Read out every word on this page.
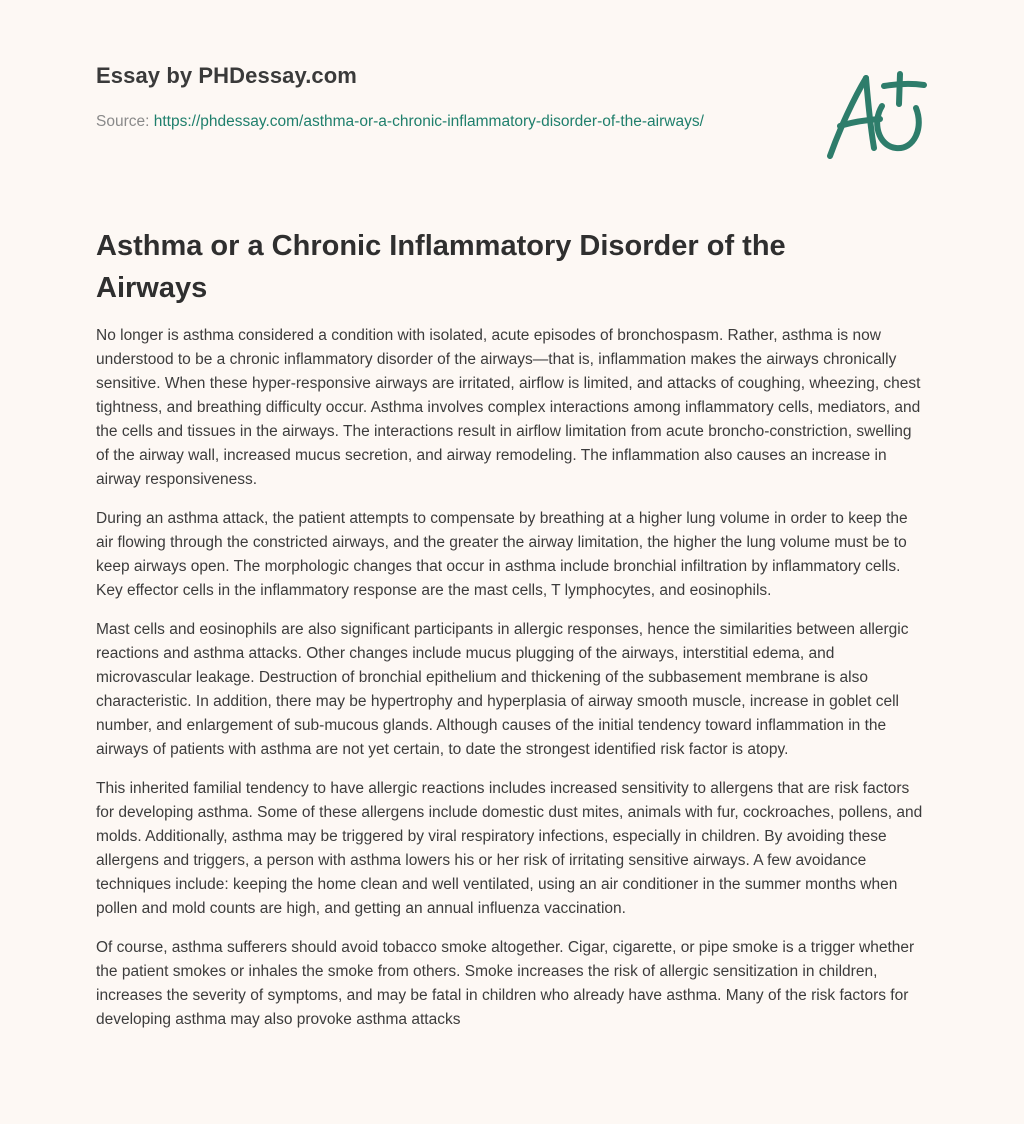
Essay by PHDessay.com
Source: https://phdessay.com/asthma-or-a-chronic-inflammatory-disorder-of-the-airways/
Asthma or a Chronic Inflammatory Disorder of the Airways

No longer is asthma considered a condition with isolated, acute episodes of bronchospasm. Rather, asthma is now understood to be a chronic inflammatory disorder of the airways—that is, inflammation makes the airways chronically sensitive. When these hyper-responsive airways are irritated, airflow is limited, and attacks of coughing, wheezing, chest tightness, and breathing difficulty occur. Asthma involves complex interactions among inflammatory cells, mediators, and the cells and tissues in the airways. The interactions result in airflow limitation from acute broncho-constriction, swelling of the airway wall, increased mucus secretion, and airway remodeling. The inflammation also causes an increase in airway responsiveness.

During an asthma attack, the patient attempts to compensate by breathing at a higher lung volume in order to keep the air flowing through the constricted airways, and the greater the airway limitation, the higher the lung volume must be to keep airways open. The morphologic changes that occur in asthma include bronchial infiltration by inflammatory cells. Key effector cells in the inflammatory response are the mast cells, T lymphocytes, and eosinophils.

Mast cells and eosinophils are also significant participants in allergic responses, hence the similarities between allergic reactions and asthma attacks. Other changes include mucus plugging of the airways, interstitial edema, and microvascular leakage. Destruction of bronchial epithelium and thickening of the subbasement membrane is also characteristic. In addition, there may be hypertrophy and hyperplasia of airway smooth muscle, increase in goblet cell number, and enlargement of sub-mucous glands. Although causes of the initial tendency toward inflammation in the airways of patients with asthma are not yet certain, to date the strongest identified risk factor is atopy.

This inherited familial tendency to have allergic reactions includes increased sensitivity to allergens that are risk factors for developing asthma. Some of these allergens include domestic dust mites, animals with fur, cockroaches, pollens, and molds. Additionally, asthma may be triggered by viral respiratory infections, especially in children. By avoiding these allergens and triggers, a person with asthma lowers his or her risk of irritating sensitive airways. A few avoidance techniques include: keeping the home clean and well ventilated, using an air conditioner in the summer months when pollen and mold counts are high, and getting an annual influenza vaccination.

Of course, asthma sufferers should avoid tobacco smoke altogether. Cigar, cigarette, or pipe smoke is a trigger whether the patient smokes or inhales the smoke from others. Smoke increases the risk of allergic sensitization in children, increases the severity of symptoms, and may be fatal in children who already have asthma. Many of the risk factors for developing asthma may also provoke asthma attacks
